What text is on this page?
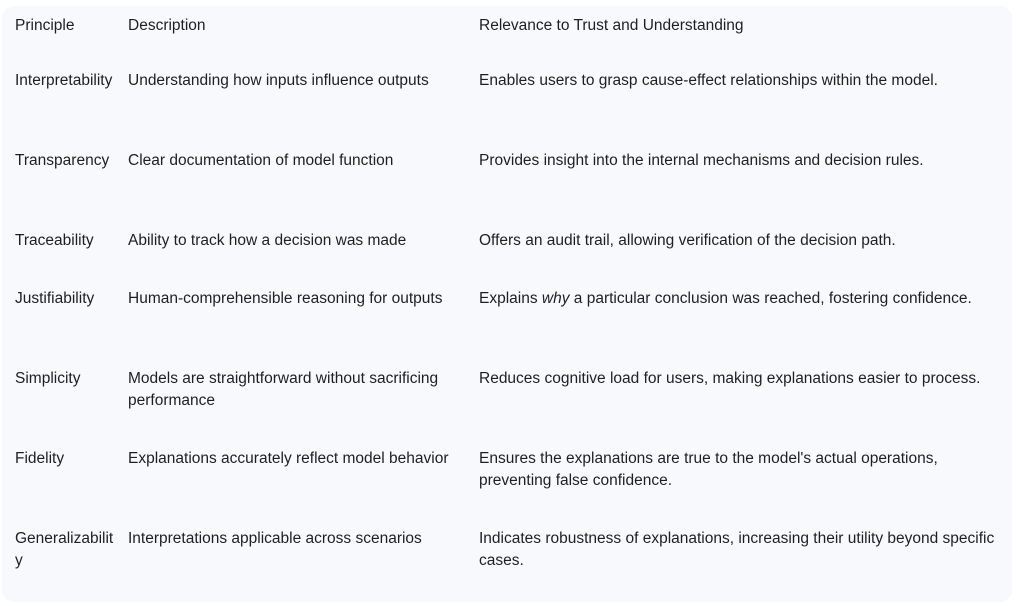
Principle	Description	Relevance to Trust and Understanding
Interpretability	Understanding how inputs influence outputs	Enables users to grasp cause-effect relationships within the model.
Transparency	Clear documentation of model function	Provides insight into the internal mechanisms and decision rules.
Traceability	Ability to track how a decision was made	Offers an audit trail, allowing verification of the decision path.
Justifiability	Human-comprehensible reasoning for outputs	Explains why a particular conclusion was reached, fostering confidence.
Simplicity	Models are straightforward without sacrificing performance	Reduces cognitive load for users, making explanations easier to process.
Fidelity	Explanations accurately reflect model behavior	Ensures the explanations are true to the model's actual operations, preventing false confidence.
Generalizability	Interpretations applicable across scenarios	Indicates robustness of explanations, increasing their utility beyond specific cases.
